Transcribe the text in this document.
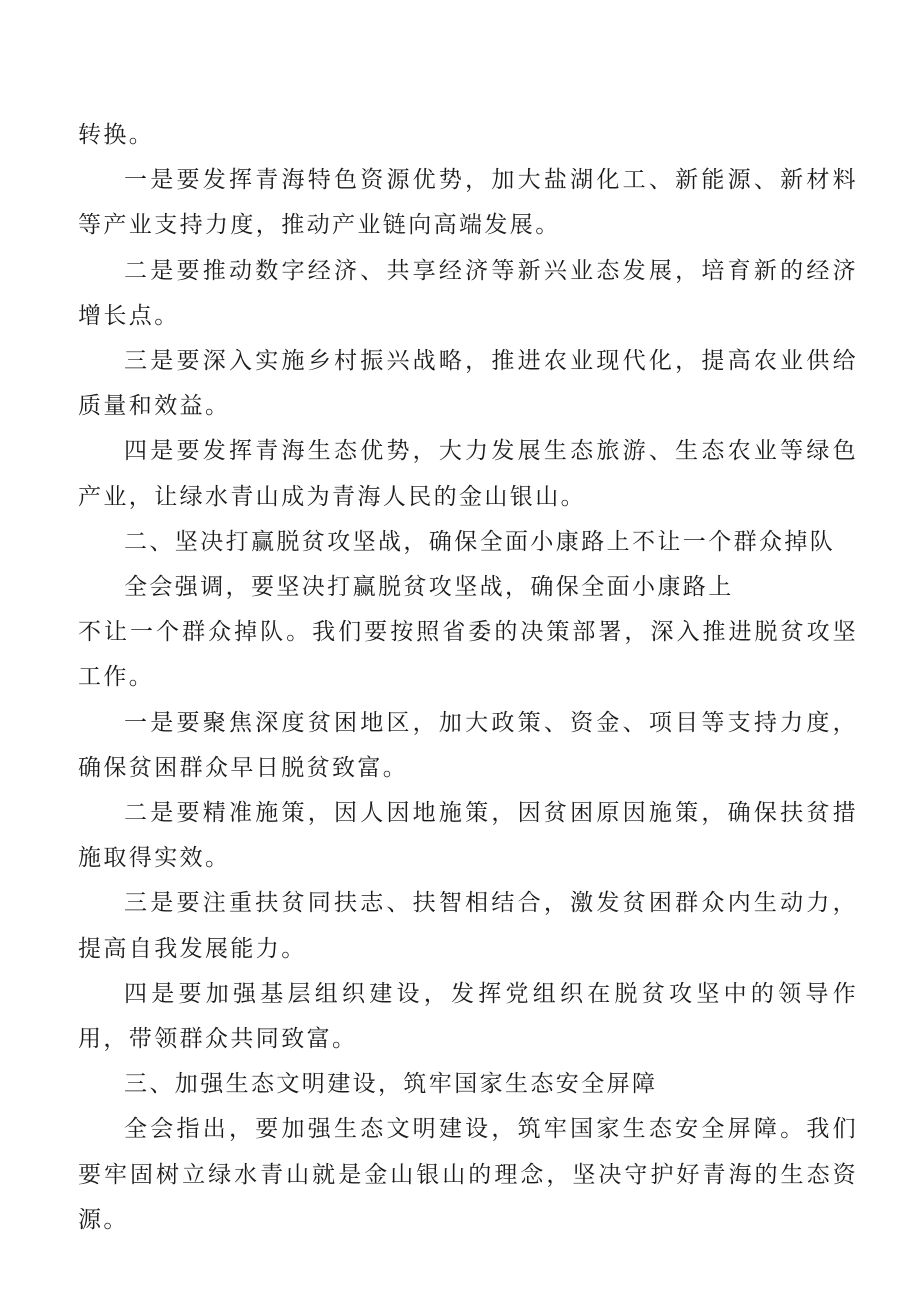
转换。

一是要发挥青海特色资源优势，加大盐湖化工、新能源、新材料等产业支持力度，推动产业链向高端发展。

二是要推动数字经济、共享经济等新兴业态发展，培育新的经济增长点。

三是要深入实施乡村振兴战略，推进农业现代化，提高农业供给质量和效益。

四是要发挥青海生态优势，大力发展生态旅游、生态农业等绿色产业，让绿水青山成为青海人民的金山银山。

二、坚决打赢脱贫攻坚战，确保全面小康路上不让一个群众掉队

全会强调，要坚决打赢脱贫攻坚战，确保全面小康路上

不让一个群众掉队。我们要按照省委的决策部署，深入推进脱贫攻坚工作。

一是要聚焦深度贫困地区，加大政策、资金、项目等支持力度，确保贫困群众早日脱贫致富。

二是要精准施策，因人因地施策，因贫困原因施策，确保扶贫措施取得实效。

三是要注重扶贫同扶志、扶智相结合，激发贫困群众内生动力，提高自我发展能力。

四是要加强基层组织建设，发挥党组织在脱贫攻坚中的领导作用，带领群众共同致富。

三、加强生态文明建设，筑牢国家生态安全屏障

全会指出，要加强生态文明建设，筑牢国家生态安全屏障。我们要牢固树立绿水青山就是金山银山的理念，坚决守护好青海的生态资源。
